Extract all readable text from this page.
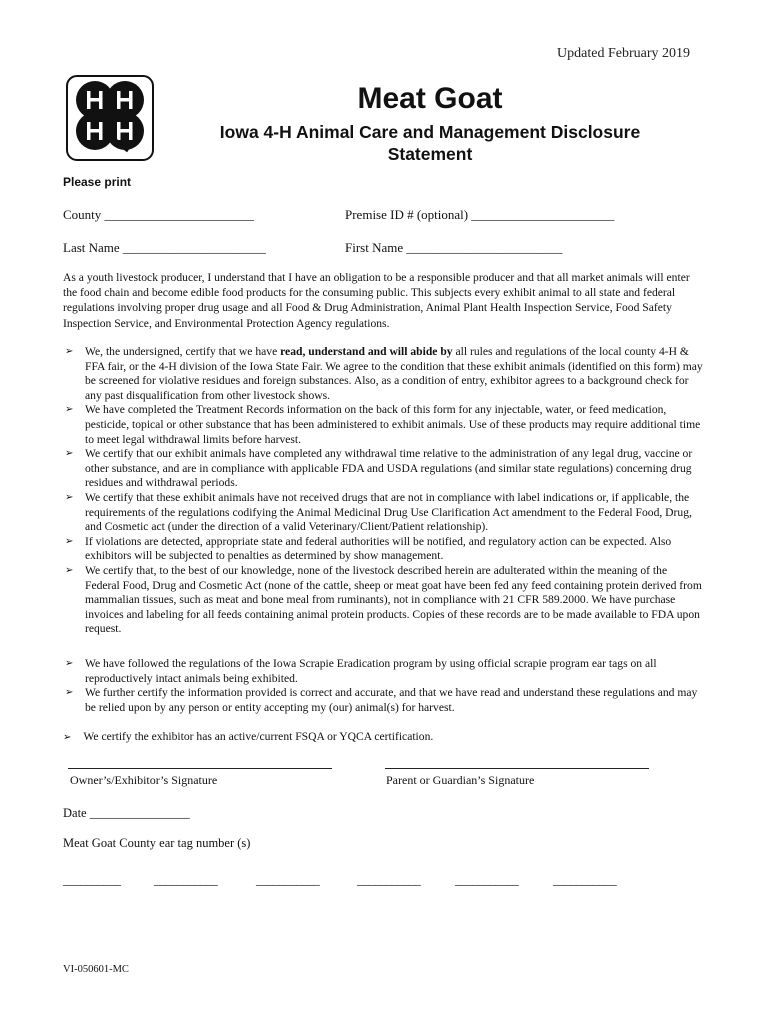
Updated February 2019
Meat Goat
Iowa 4-H Animal Care and Management Disclosure
Statement
Please print
County _______________________	Premise ID # (optional) ______________________
Last Name ______________________	First Name ________________________
As a youth livestock producer, I understand that I have an obligation to be a responsible producer and that all market animals will enter the food chain and become edible food products for the consuming public. This subjects every exhibit animal to all state and federal regulations involving proper drug usage and all Food & Drug Administration, Animal Plant Health Inspection Service, Food Safety Inspection Service, and Environmental Protection Agency regulations.
➢ We, the undersigned, certify that we have read, understand and will abide by all rules and regulations of the local county 4-H & FFA fair, or the 4-H division of the Iowa State Fair. We agree to the condition that these exhibit animals (identified on this form) may be screened for violative residues and foreign substances. Also, as a condition of entry, exhibitor agrees to a background check for any past disqualification from other livestock shows.
➢ We have completed the Treatment Records information on the back of this form for any injectable, water, or feed medication, pesticide, topical or other substance that has been administered to exhibit animals. Use of these products may require additional time to meet legal withdrawal limits before harvest.
➢ We certify that our exhibit animals have completed any withdrawal time relative to the administration of any legal drug, vaccine or other substance, and are in compliance with applicable FDA and USDA regulations (and similar state regulations) concerning drug residues and withdrawal periods.
➢ We certify that these exhibit animals have not received drugs that are not in compliance with label indications or, if applicable, the requirements of the regulations codifying the Animal Medicinal Drug Use Clarification Act amendment to the Federal Food, Drug, and Cosmetic act (under the direction of a valid Veterinary/Client/Patient relationship).
➢ If violations are detected, appropriate state and federal authorities will be notified, and regulatory action can be expected. Also exhibitors will be subjected to penalties as determined by show management.
➢ We certify that, to the best of our knowledge, none of the livestock described herein are adulterated within the meaning of the Federal Food, Drug and Cosmetic Act (none of the cattle, sheep or meat goat have been fed any feed containing protein derived from mammalian tissues, such as meat and bone meal from ruminants), not in compliance with 21 CFR 589.2000. We have purchase invoices and labeling for all feeds containing animal protein products. Copies of these records are to be made available to FDA upon request.
➢ We have followed the regulations of the Iowa Scrapie Eradication program by using official scrapie program ear tags on all reproductively intact animals being exhibited.
➢ We further certify the information provided is correct and accurate, and that we have read and understand these regulations and may be relied upon by any person or entity accepting my (our) animal(s) for harvest.
➢ We certify the exhibitor has an active/current FSQA or YQCA certification.
Owner’s/Exhibitor’s Signature	Parent or Guardian’s Signature
Date ________________
Meat Goat County ear tag number (s)
__________	___________	___________	___________	___________	___________
VI-050601-MC
